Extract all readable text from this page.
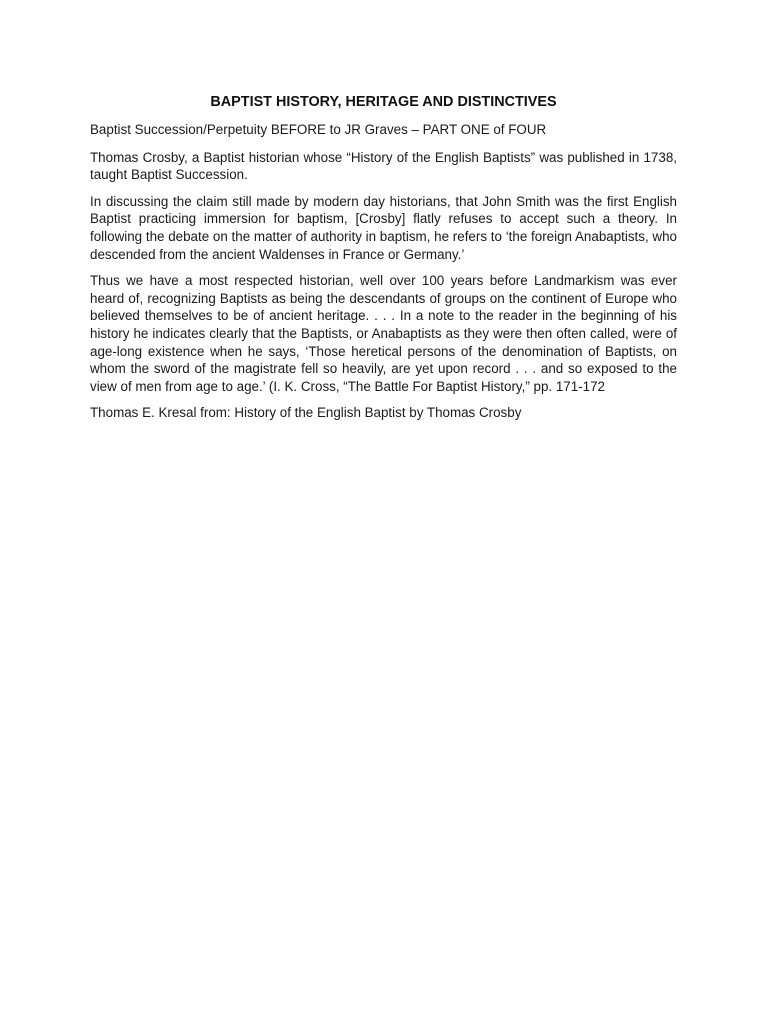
BAPTIST HISTORY, HERITAGE AND DISTINCTIVES

Baptist Succession/Perpetuity BEFORE to JR Graves – PART ONE of FOUR

Thomas Crosby, a Baptist historian whose “History of the English Baptists” was published in 1738, taught Baptist Succession.

In discussing the claim still made by modern day historians, that John Smith was the first English Baptist practicing immersion for baptism, [Crosby] flatly refuses to accept such a theory. In following the debate on the matter of authority in baptism, he refers to ‘the foreign Anabaptists, who descended from the ancient Waldenses in France or Germany.’

Thus we have a most respected historian, well over 100 years before Landmarkism was ever heard of, recognizing Baptists as being the descendants of groups on the continent of Europe who believed themselves to be of ancient heritage. . . . In a note to the reader in the beginning of his history he indicates clearly that the Baptists, or Anabaptists as they were then often called, were of age-long existence when he says, ‘Those heretical persons of the denomination of Baptists, on whom the sword of the magistrate fell so heavily, are yet upon record . . . and so exposed to the view of men from age to age.’ (I. K. Cross, “The Battle For Baptist History,” pp. 171-172

Thomas E. Kresal from: History of the English Baptist by Thomas Crosby
